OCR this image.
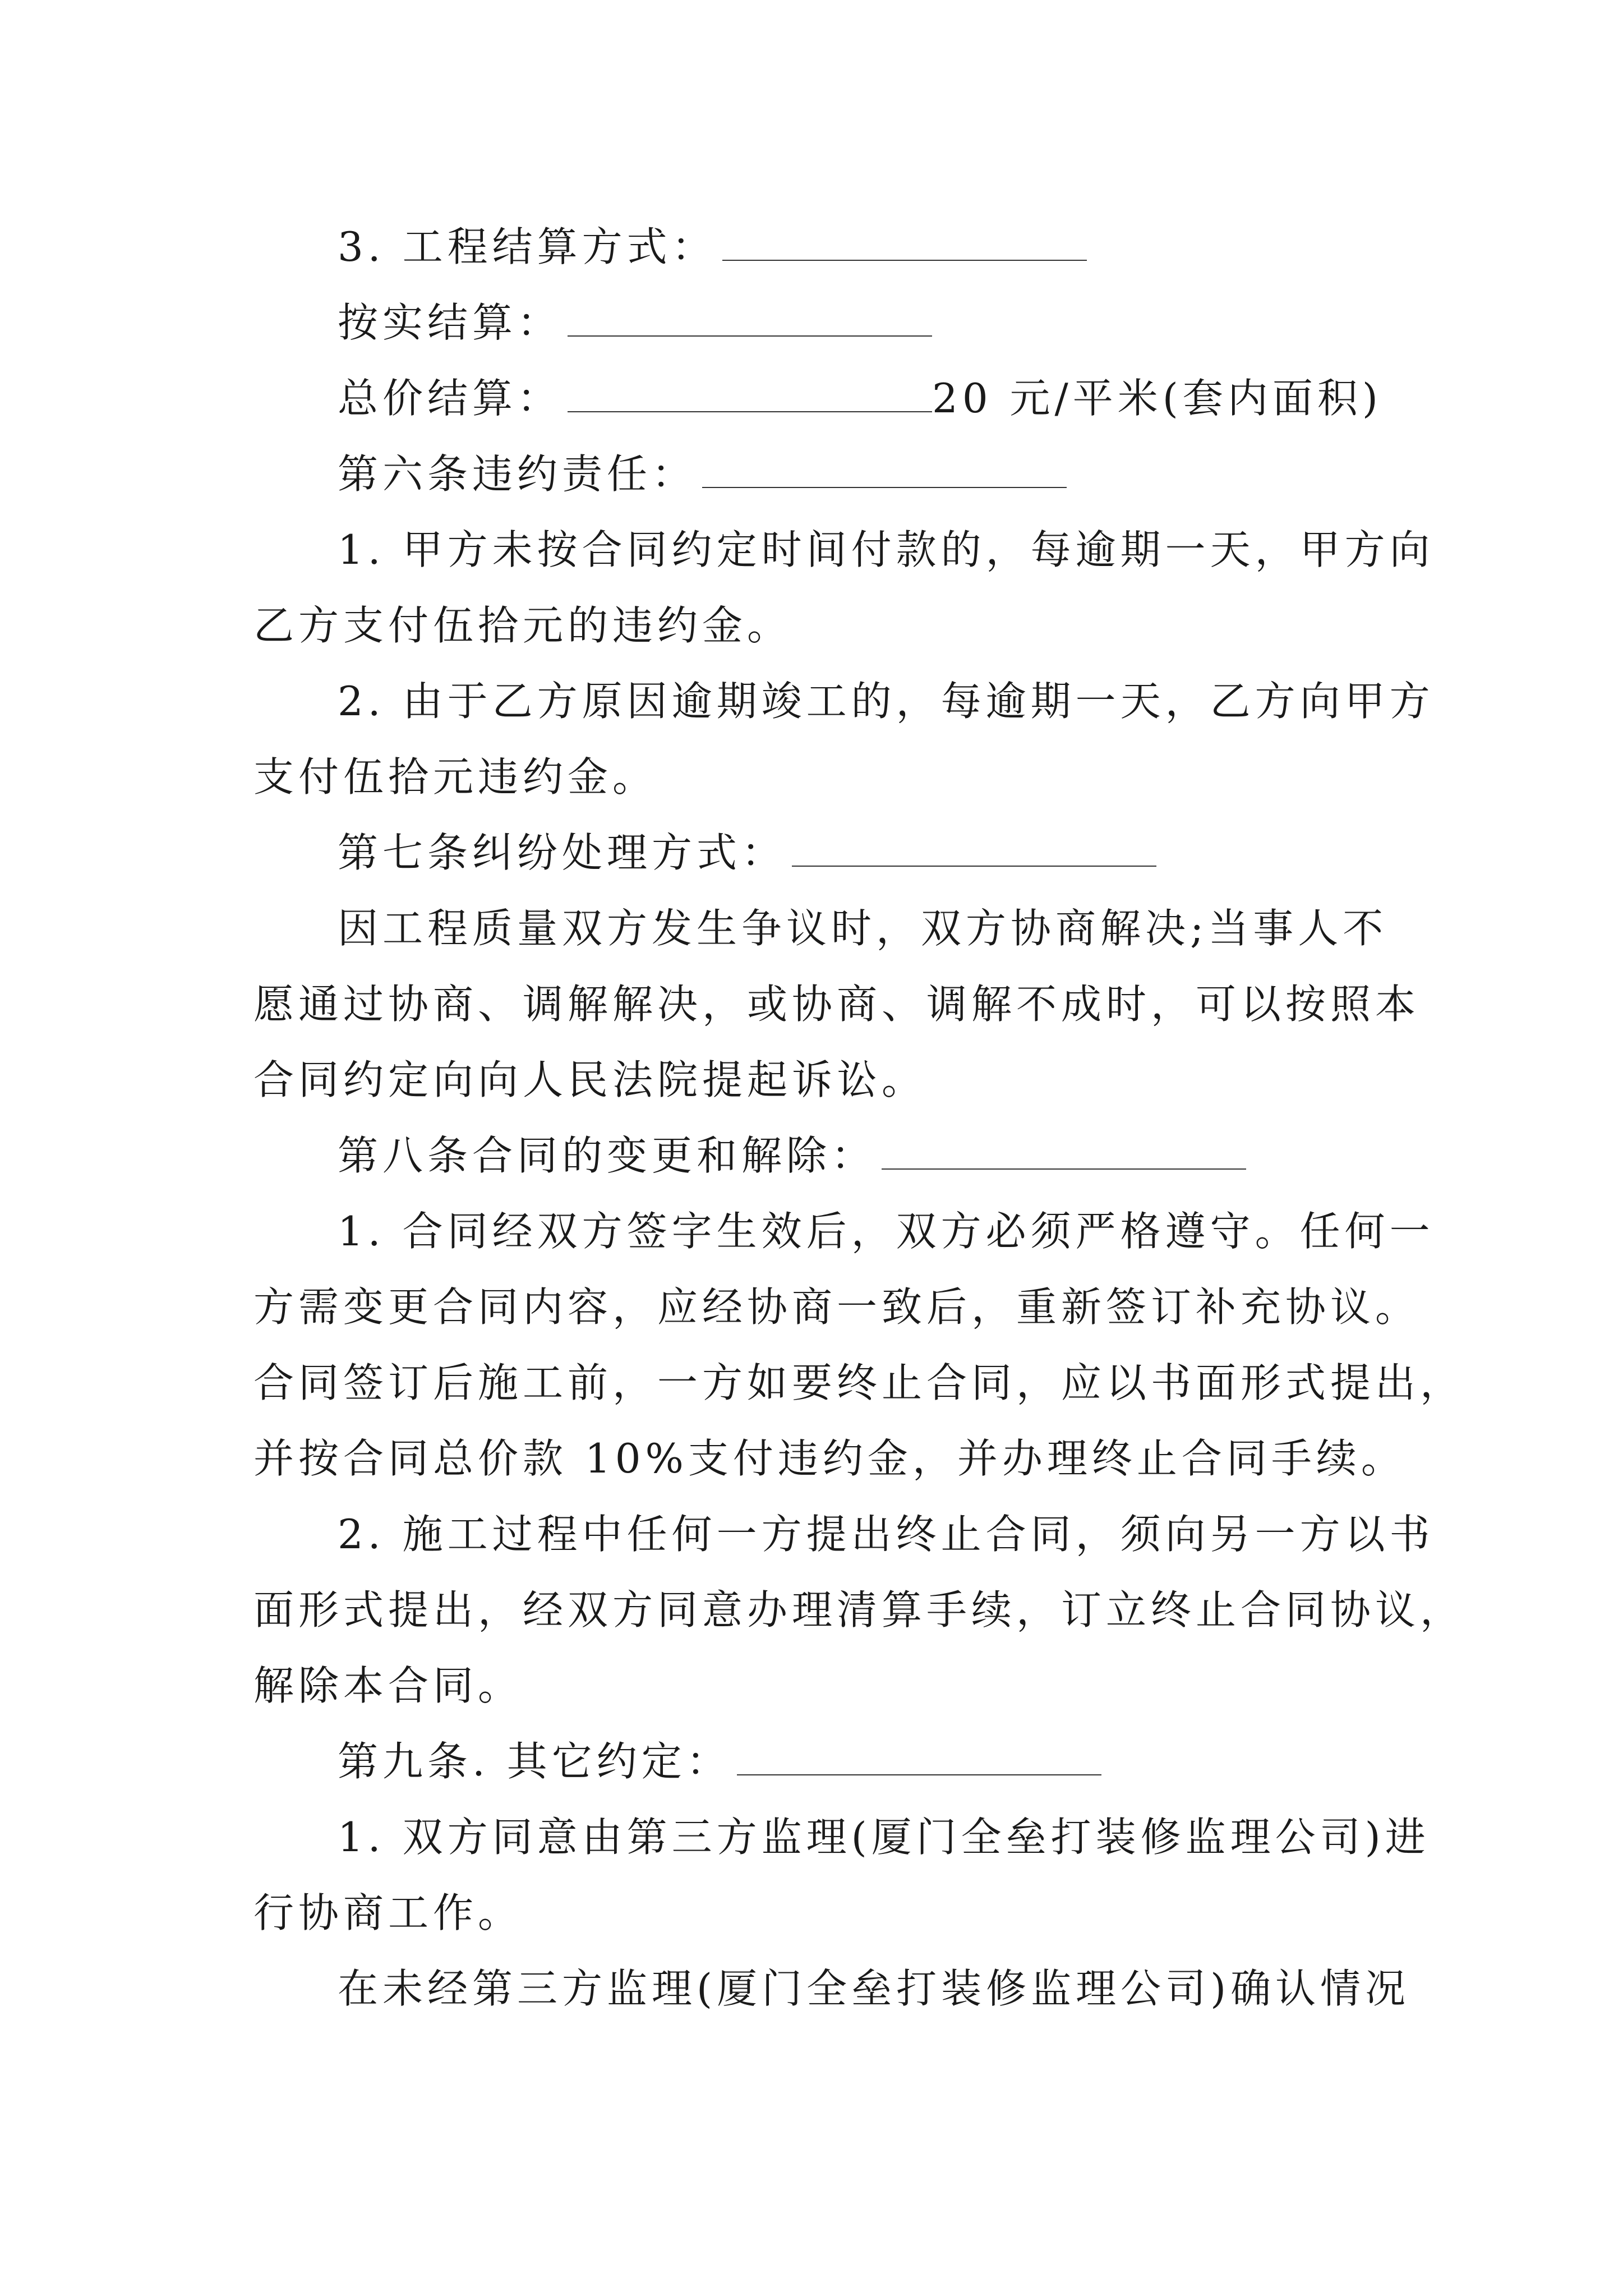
3. 工程结算方式：
按实结算：
总价结算：	20 元/平米(套内面积)
第六条违约责任：
1. 甲方未按合同约定时间付款的，每逾期一天，甲方向
乙方支付伍拾元的违约金。
2. 由于乙方原因逾期竣工的，每逾期一天，乙方向甲方
支付伍拾元违约金。
第七条纠纷处理方式：
因工程质量双方发生争议时，双方协商解决;当事人不
愿通过协商、调解解决，或协商、调解不成时，可以按照本
合同约定向向人民法院提起诉讼。
第八条合同的变更和解除：
1. 合同经双方签字生效后，双方必须严格遵守。任何一
方需变更合同内容，应经协商一致后，重新签订补充协议。
合同签订后施工前，一方如要终止合同，应以书面形式提出，
并按合同总价款 10%支付违约金，并办理终止合同手续。
2. 施工过程中任何一方提出终止合同，须向另一方以书
面形式提出，经双方同意办理清算手续，订立终止合同协议，
解除本合同。
第九条. 其它约定：
1. 双方同意由第三方监理(厦门全垒打装修监理公司)进
行协商工作。
在未经第三方监理(厦门全垒打装修监理公司)确认情况
